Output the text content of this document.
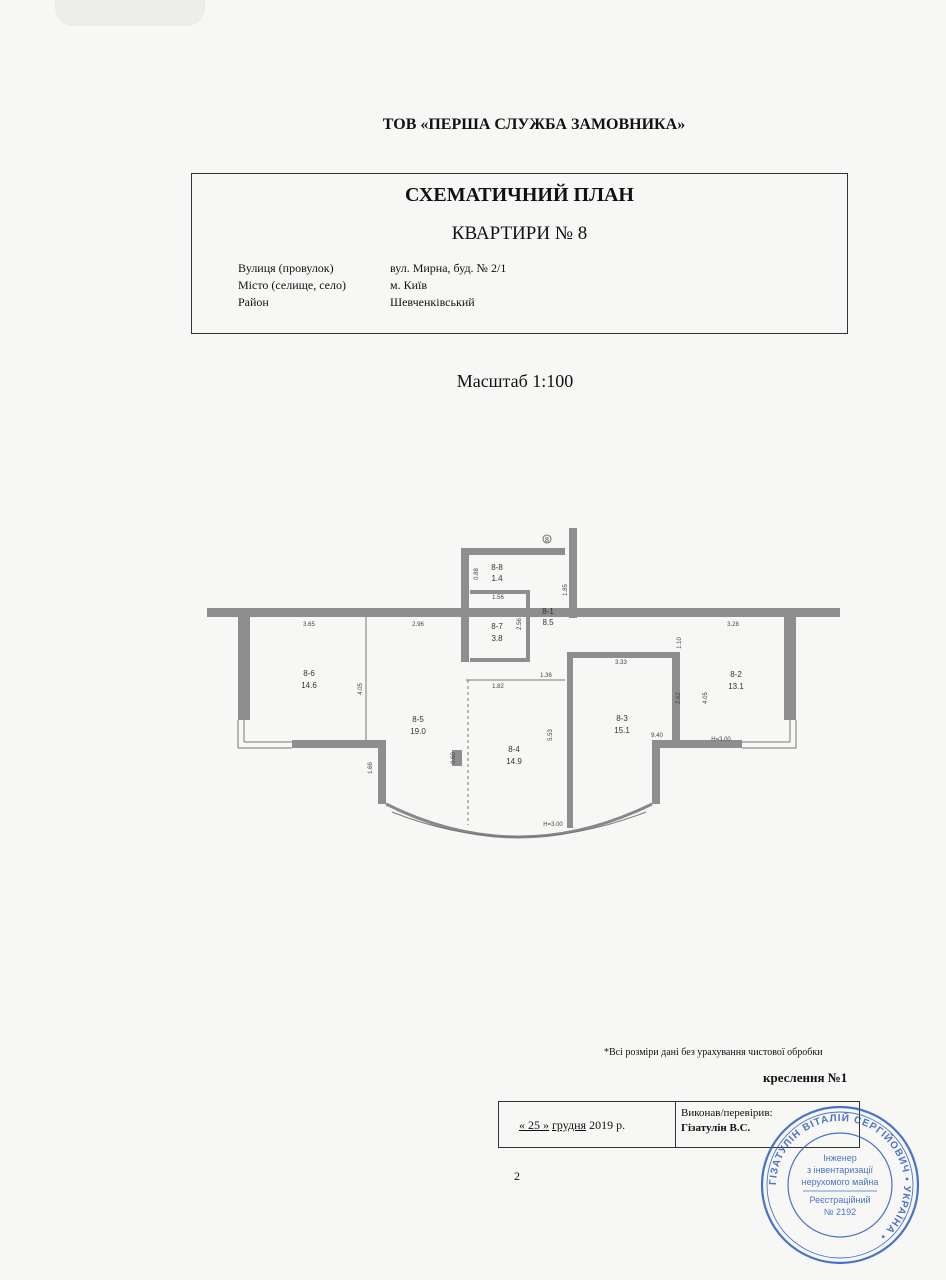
ТОВ «ПЕРША СЛУЖБА ЗАМОВНИКА»
СХЕМАТИЧНИЙ ПЛАН
КВАРТИРИ № 8
Вулиця (провулок)	вул. Мирна, буд. № 2/1
Місто (селище, село)	м. Київ
Район	Шевченківський
Масштаб 1:100
8
8-1
8.5
8-2
13.1
8-3
15.1
8-4
14.9
8-5
19.0
8-6
14.6
8-7
3.8
8-8
1.4
3.65	2.96
1.56
0.88
2.56
1.85
3.28
1.10
4.05	1.82
1.36
3.33
2.62	4.05
0.60
5.53	9.40
1.66
Н=3.00
Н=3.00
*Всі розміри дані без урахування чистової обробки
креслення №1
« 25 » грудня 2019 р.
Виконав/перевірив:
Гізатулін В.С.
2	ГІЗАТУЛІН ВІТАЛІЙ СЕРГІЙОВИЧ • УКРАЇНА •
Інженер
з інвентаризації
нерухомого майна
Реєстраційний
№ 2192
